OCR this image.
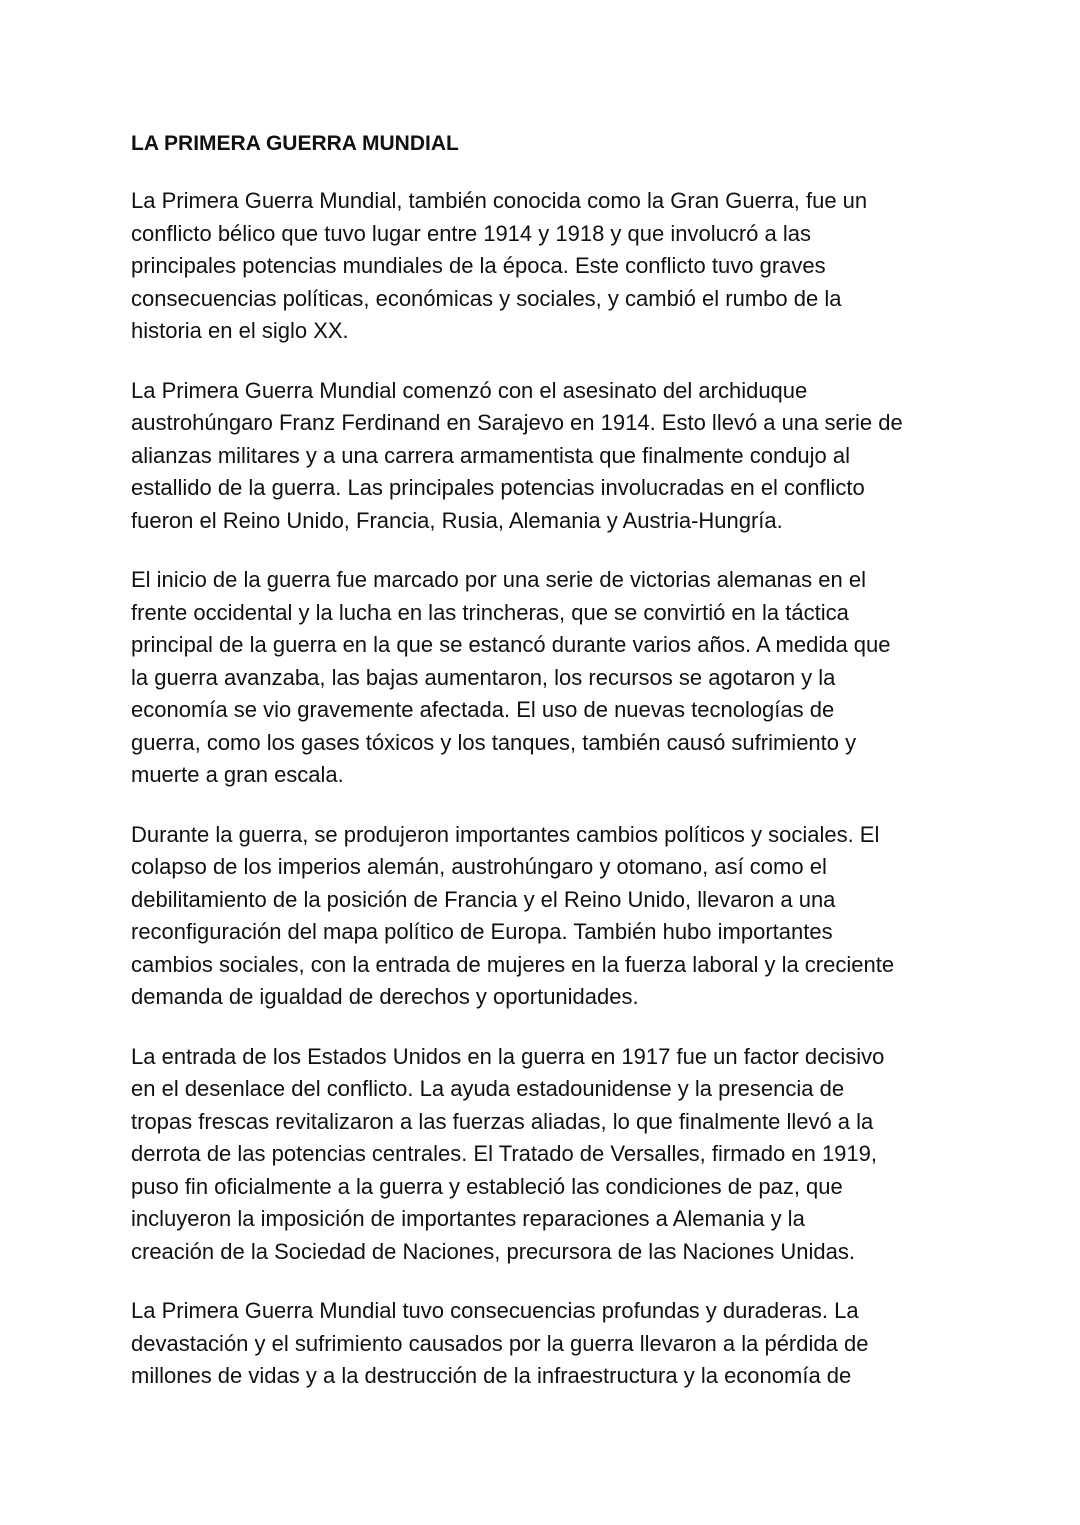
LA PRIMERA GUERRA MUNDIAL
La Primera Guerra Mundial, también conocida como la Gran Guerra, fue un
conflicto bélico que tuvo lugar entre 1914 y 1918 y que involucró a las
principales potencias mundiales de la época. Este conflicto tuvo graves
consecuencias políticas, económicas y sociales, y cambió el rumbo de la
historia en el siglo XX.
La Primera Guerra Mundial comenzó con el asesinato del archiduque
austrohúngaro Franz Ferdinand en Sarajevo en 1914. Esto llevó a una serie de
alianzas militares y a una carrera armamentista que finalmente condujo al
estallido de la guerra. Las principales potencias involucradas en el conflicto
fueron el Reino Unido, Francia, Rusia, Alemania y Austria-Hungría.
El inicio de la guerra fue marcado por una serie de victorias alemanas en el
frente occidental y la lucha en las trincheras, que se convirtió en la táctica
principal de la guerra en la que se estancó durante varios años. A medida que
la guerra avanzaba, las bajas aumentaron, los recursos se agotaron y la
economía se vio gravemente afectada. El uso de nuevas tecnologías de
guerra, como los gases tóxicos y los tanques, también causó sufrimiento y
muerte a gran escala.
Durante la guerra, se produjeron importantes cambios políticos y sociales. El
colapso de los imperios alemán, austrohúngaro y otomano, así como el
debilitamiento de la posición de Francia y el Reino Unido, llevaron a una
reconfiguración del mapa político de Europa. También hubo importantes
cambios sociales, con la entrada de mujeres en la fuerza laboral y la creciente
demanda de igualdad de derechos y oportunidades.
La entrada de los Estados Unidos en la guerra en 1917 fue un factor decisivo
en el desenlace del conflicto. La ayuda estadounidense y la presencia de
tropas frescas revitalizaron a las fuerzas aliadas, lo que finalmente llevó a la
derrota de las potencias centrales. El Tratado de Versalles, firmado en 1919,
puso fin oficialmente a la guerra y estableció las condiciones de paz, que
incluyeron la imposición de importantes reparaciones a Alemania y la
creación de la Sociedad de Naciones, precursora de las Naciones Unidas.
La Primera Guerra Mundial tuvo consecuencias profundas y duraderas. La
devastación y el sufrimiento causados por la guerra llevaron a la pérdida de
millones de vidas y a la destrucción de la infraestructura y la economía de
